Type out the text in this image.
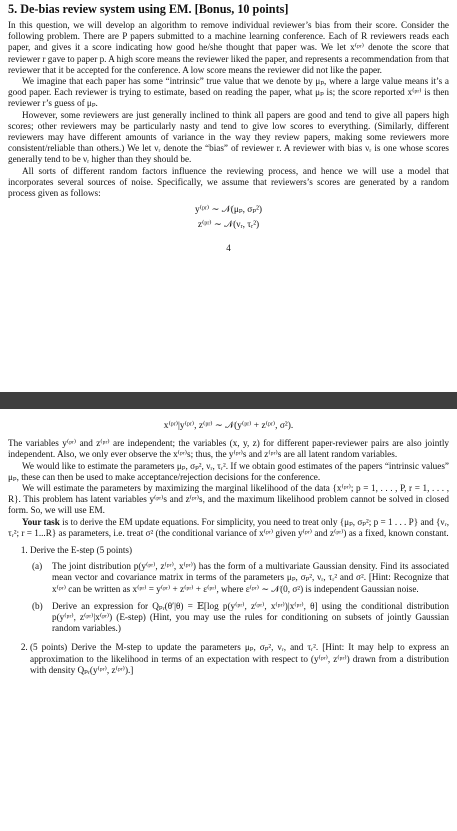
5. De-bias review system using EM. [Bonus, 10 points]

In this question, we will develop an algorithm to remove individual reviewer’s bias from their score. Consider the following problem. There are P papers submitted to a machine learning conference. Each of R reviewers reads each paper, and gives it a score indicating how good he/she thought that paper was. We let x⁽ᵖʳ⁾ denote the score that reviewer r gave to paper p. A high score means the reviewer liked the paper, and represents a recommendation from that reviewer that it be accepted for the conference. A low score means the reviewer did not like the paper.

We imagine that each paper has some “intrinsic” true value that we denote by μₚ, where a large value means it’s a good paper. Each reviewer is trying to estimate, based on reading the paper, what μₚ is; the score reported x⁽ᵖʳ⁾ is then reviewer r’s guess of μₚ.

However, some reviewers are just generally inclined to think all papers are good and tend to give all papers high scores; other reviewers may be particularly nasty and tend to give low scores to everything. (Similarly, different reviewers may have different amounts of variance in the way they review papers, making some reviewers more consistent/reliable than others.) We let νᵣ denote the “bias” of reviewer r. A reviewer with bias νᵣ is one whose scores generally tend to be νᵣ higher than they should be.

All sorts of different random factors influence the reviewing process, and hence we will use a model that incorporates several sources of noise. Specifically, we assume that reviewers’s scores are generated by a random process given as follows:

y⁽ᵖʳ⁾ ∼ 𝒩(μₚ, σₚ²)
z⁽ᵖʳ⁾ ∼ 𝒩(νᵣ, τᵣ²)
4
x⁽ᵖʳ⁾|y⁽ᵖʳ⁾, z⁽ᵖʳ⁾ ∼ 𝒩(y⁽ᵖʳ⁾ + z⁽ᵖʳ⁾, σ²).

The variables y⁽ᵖʳ⁾ and z⁽ᵖʳ⁾ are independent; the variables (x, y, z) for different paper-reviewer pairs are also jointly independent. Also, we only ever observe the x⁽ᵖʳ⁾s; thus, the y⁽ᵖʳ⁾s and z⁽ᵖʳ⁾s are all latent random variables.

We would like to estimate the parameters μₚ, σₚ², νᵣ, τᵣ². If we obtain good estimates of the papers “intrinsic values” μₚ, these can then be used to make acceptance/rejection decisions for the conference.

We will estimate the parameters by maximizing the marginal likelihood of the data {x⁽ᵖʳ⁾; p = 1, . . . , P, r = 1, . . . , R}. This problem has latent variables y⁽ᵖʳ⁾s and z⁽ᵖʳ⁾s, and the maximum likelihood problem cannot be solved in closed form. So, we will use EM.

Your task is to derive the EM update equations. For simplicity, you need to treat only {μₚ, σₚ²; p = 1 . . . P} and {νᵣ, τᵣ²; r = 1...R} as parameters, i.e. treat σ² (the conditional variance of x⁽ᵖʳ⁾ given y⁽ᵖʳ⁾ and z⁽ᵖʳ⁾) as a fixed, known constant.

1. Derive the E-step (5 points)
(a) The joint distribution p(y⁽ᵖʳ⁾, z⁽ᵖʳ⁾, x⁽ᵖʳ⁾) has the form of a multivariate Gaussian density. Find its associated mean vector and covariance matrix in terms of the parameters μₚ, σₚ², νᵣ, τᵣ² and σ². [Hint: Recognize that x⁽ᵖʳ⁾ can be written as x⁽ᵖʳ⁾ = y⁽ᵖʳ⁾ + z⁽ᵖʳ⁾ + ε⁽ᵖʳ⁾, where ε⁽ᵖʳ⁾ ∼ 𝒩(0, σ²) is independent Gaussian noise.
(b) Derive an expression for Qₚᵣ(θ′|θ) = 𝔼[log p(y⁽ᵖʳ⁾, z⁽ᵖʳ⁾, x⁽ᵖʳ⁾)|x⁽ᵖʳ⁾, θ] using the conditional distribution p(y⁽ᵖʳ⁾, z⁽ᵖʳ⁾|x⁽ᵖʳ⁾) (E-step) (Hint, you may use the rules for conditioning on subsets of jointly Gaussian random variables.)
2. (5 points) Derive the M-step to update the parameters μₚ, σₚ², νᵣ, and τᵣ². [Hint: It may help to express an approximation to the likelihood in terms of an expectation with respect to (y⁽ᵖʳ⁾, z⁽ᵖʳ⁾) drawn from a distribution with density Qₚᵣ(y⁽ᵖʳ⁾, z⁽ᵖʳ⁾).]
